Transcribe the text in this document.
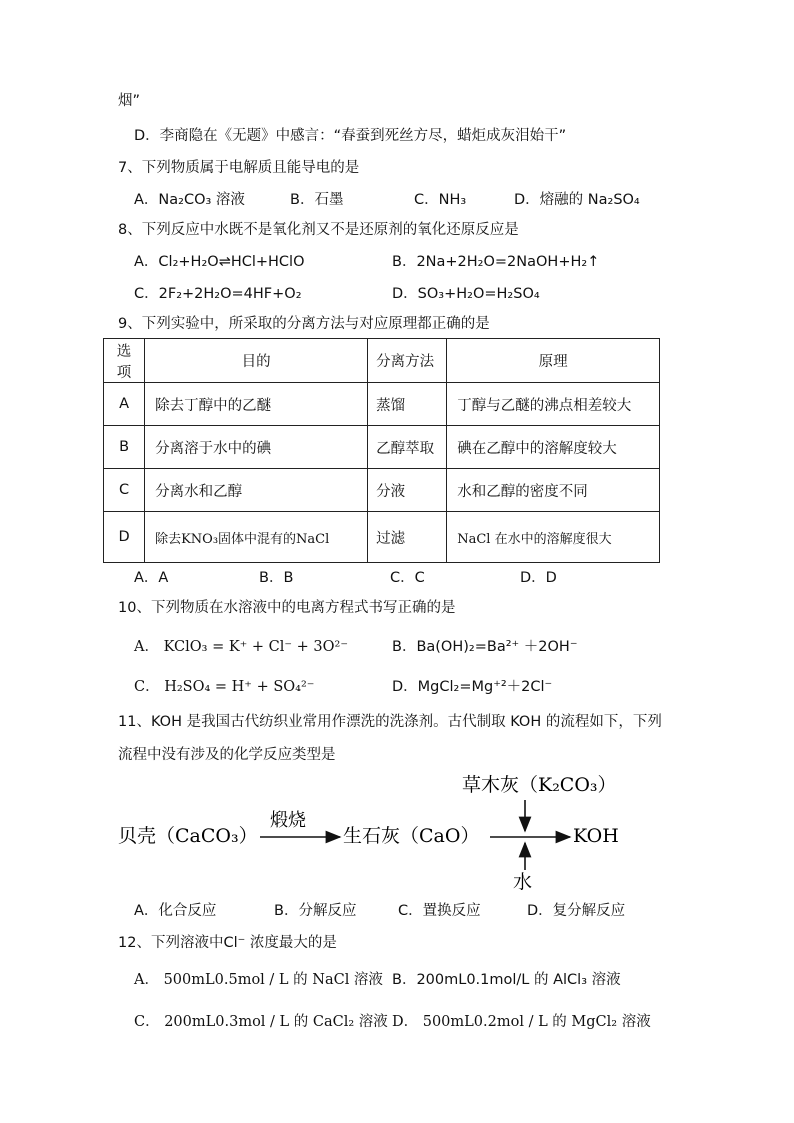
烟”
D．李商隐在《无题》中感言：“春蚕到死丝方尽，蜡炬成灰泪始干”
7、下列物质属于电解质且能导电的是
A．Na₂CO₃ 溶液	B．石墨	C．NH₃	D．熔融的 Na₂SO₄
8、下列反应中水既不是氧化剂又不是还原剂的氧化还原反应是
A．Cl₂+H₂O⇌HCl+HClO	B．2Na+2H₂O=2NaOH+H₂↑
C．2F₂+2H₂O=4HF+O₂	D．SO₃+H₂O=H₂SO₄
9、下列实验中，所采取的分离方法与对应原理都正确的是
选项	目的	分离方法	原理
A	除去丁醇中的乙醚	蒸馏	丁醇与乙醚的沸点相差较大
B	分离溶于水中的碘	乙醇萃取	碘在乙醇中的溶解度较大
C	分离水和乙醇	分液	水和乙醇的密度不同
D	除去KNO₃固体中混有的NaCl	过滤	NaCl 在水中的溶解度很大
A．A	B．B	C．C	D．D
10、下列物质在水溶液中的电离方程式书写正确的是
A． KClO₃ = K⁺ + Cl⁻ + 3O²⁻	B．Ba(OH)₂=Ba²⁺ ＋2OH⁻
C． H₂SO₄ = H⁺ + SO₄²⁻	D．MgCl₂=Mg⁺²＋2Cl⁻
11、KOH 是我国古代纺织业常用作漂洗的洗涤剂。古代制取 KOH 的流程如下，下列
流程中没有涉及的化学反应类型是
贝壳（CaCO₃）
煅烧
生石灰（CaO）
草木灰（K₂CO₃）
KOH
水
A．化合反应	B．分解反应	C．置换反应	D．复分解反应
12、下列溶液中Cl⁻ 浓度最大的是
A． 500mL0.5mol / L 的 NaCl 溶液 B．200mL0.1mol/L 的 AlCl₃ 溶液
C． 200mL0.3mol / L 的 CaCl₂ 溶液 D． 500mL0.2mol / L 的 MgCl₂ 溶液
